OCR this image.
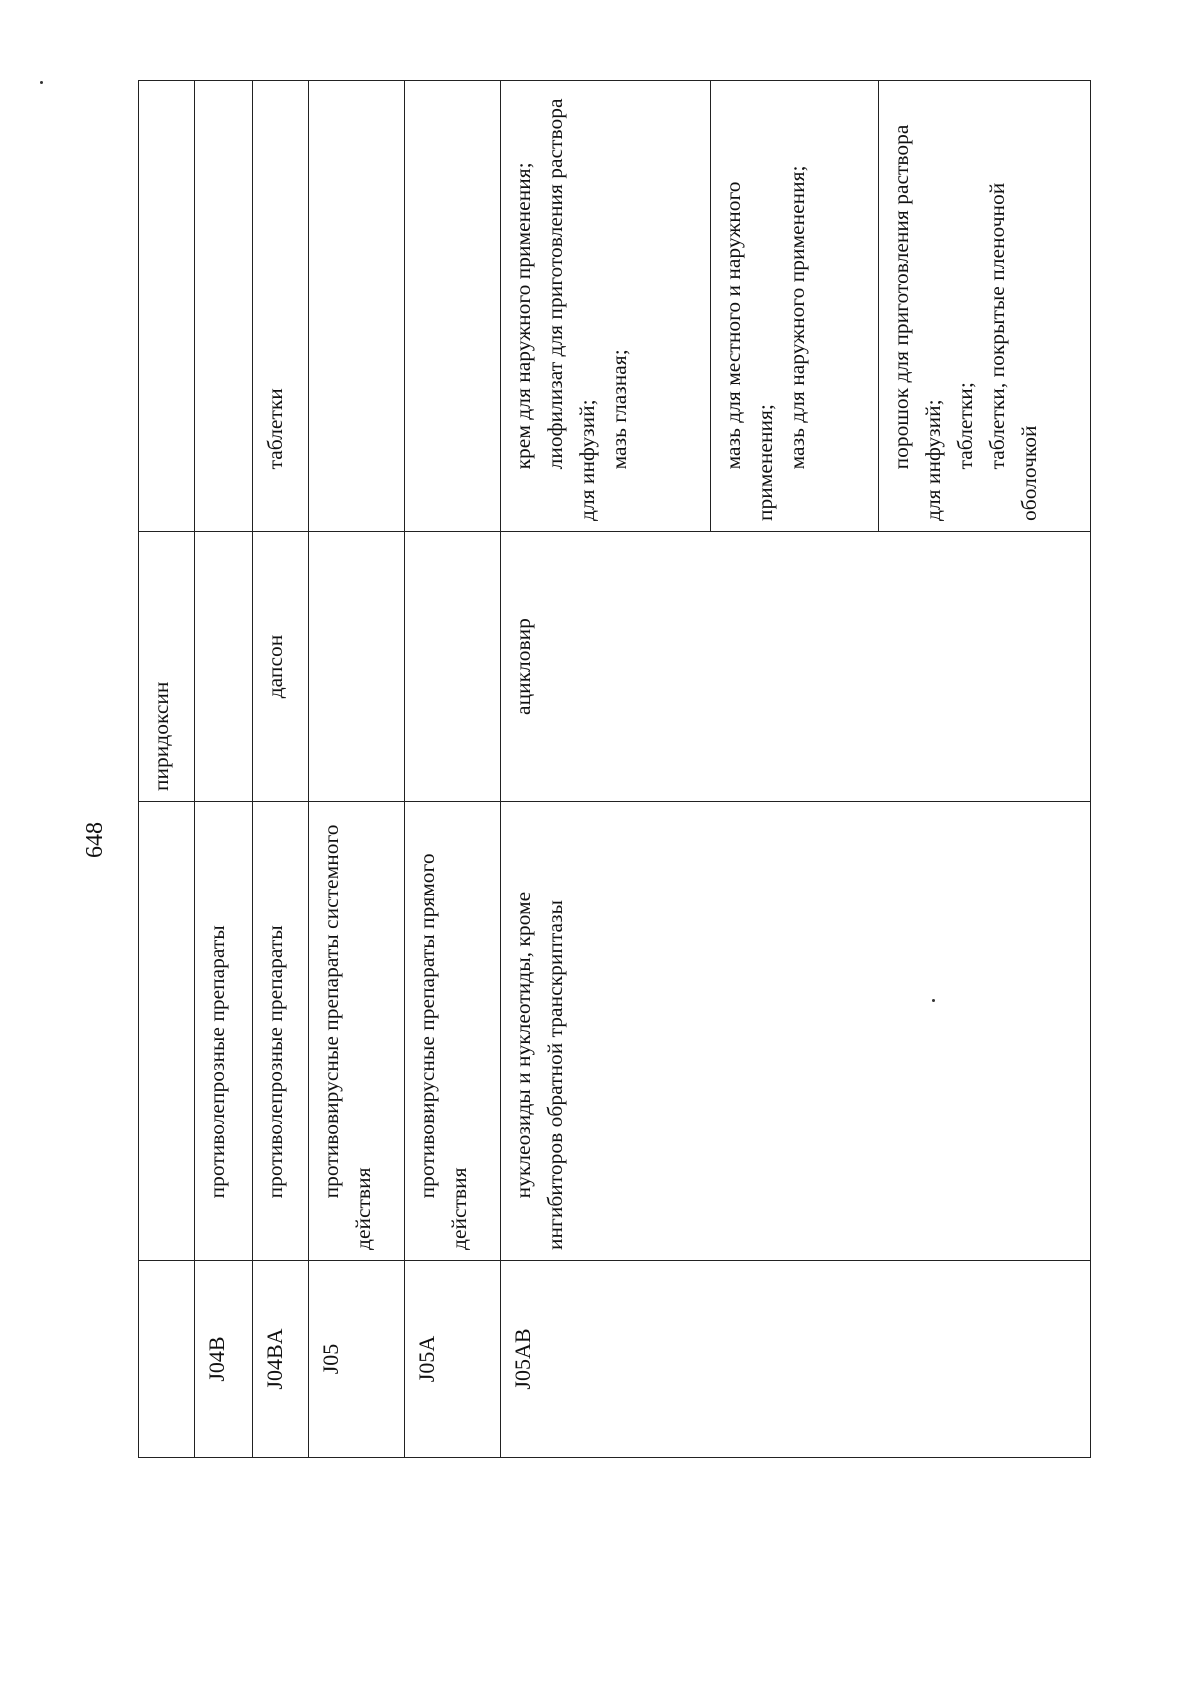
648
		пиридоксин	
J04B	противолепрозные препараты		
J04BA	противолепрозные препараты	дапсон	таблетки

J05	противовирусные препараты системного действия		
J05A	противовирусные препараты прямого действия		
J05AB	нуклеозиды и нуклеотиды, кроме ингибиторов обратной транскриптазы	ацикловир	крем для наружного применения; лиофилизат для приготовления раствора для инфузий; мазь глазная;

			мазь для местного и наружного применения; мазь для наружного применения;

			порошок для приготовления раствора для инфузий; таблетки; таблетки, покрытые пленочной оболочкой
